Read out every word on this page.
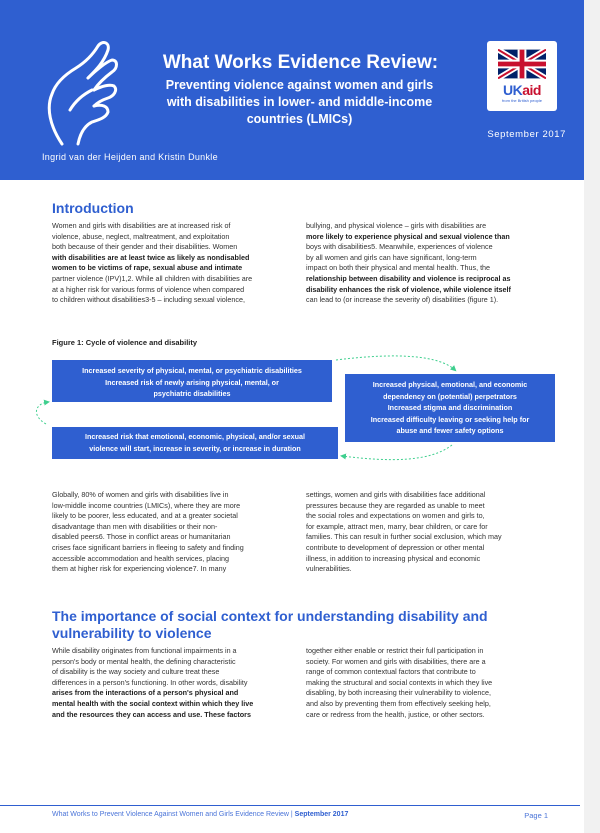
What Works Evidence Review:
Preventing violence against women and girls
with disabilities in lower- and middle-income
countries (LMICs)
UKaid
from the British people
September 2017
Ingrid van der Heijden and Kristin Dunkle
Introduction
Women and girls with disabilities are at increased risk of
violence, abuse, neglect, maltreatment, and exploitation
both because of their gender and their disabilities. Women
with disabilities are at least twice as likely as nondisabled
women to be victims of rape, sexual abuse and intimate
partner violence (IPV)1,2. While all children with disabilities are
at a higher risk for various forms of violence when compared
to children without disabilities3-5 – including sexual violence,
bullying, and physical violence – girls with disabilities are
more likely to experience physical and sexual violence than
boys with disabilities5. Meanwhile, experiences of violence
by all women and girls can have significant, long-term
impact on both their physical and mental health. Thus, the
relationship between disability and violence is reciprocal as
disability enhances the risk of violence, while violence itself
can lead to (or increase the severity of) disabilities (figure 1).
Figure 1: Cycle of violence and disability
Increased severity of physical, mental, or psychiatric disabilities
Increased risk of newly arising physical, mental, or
psychiatric disabilities
Increased physical, emotional, and economic
dependency on (potential) perpetrators
Increased stigma and discrimination
Increased difficulty leaving or seeking help for
abuse and fewer safety options
Increased risk that emotional, economic, physical, and/or sexual
violence will start, increase in severity, or increase in duration
Globally, 80% of women and girls with disabilities live in
low-middle income countries (LMICs), where they are more
likely to be poorer, less educated, and at a greater societal
disadvantage than men with disabilities or their non-
disabled peers6. Those in conflict areas or humanitarian
crises face significant barriers in fleeing to safety and finding
accessible accommodation and health services, placing
them at higher risk for experiencing violence7. In many
settings, women and girls with disabilities face additional
pressures because they are regarded as unable to meet
the social roles and expectations on women and girls to,
for example, attract men, marry, bear children, or care for
families. This can result in further social exclusion, which may
contribute to development of depression or other mental
illness, in addition to increasing physical and economic
vulnerabilities.
The importance of social context for understanding disability and
vulnerability to violence
While disability originates from functional impairments in a
person's body or mental health, the defining characteristic
of disability is the way society and culture treat these
differences in a person's functioning. In other words, disability
arises from the interactions of a person's physical and
mental health with the social context within which they live
and the resources they can access and use. These factors
together either enable or restrict their full participation in
society. For women and girls with disabilities, there are a
range of common contextual factors that contribute to
making the structural and social contexts in which they live
disabling, by both increasing their vulnerability to violence,
and also by preventing them from effectively seeking help,
care or redress from the health, justice, or other sectors.
What Works to Prevent Violence Against Women and Girls Evidence Review | September 2017	Page 1
